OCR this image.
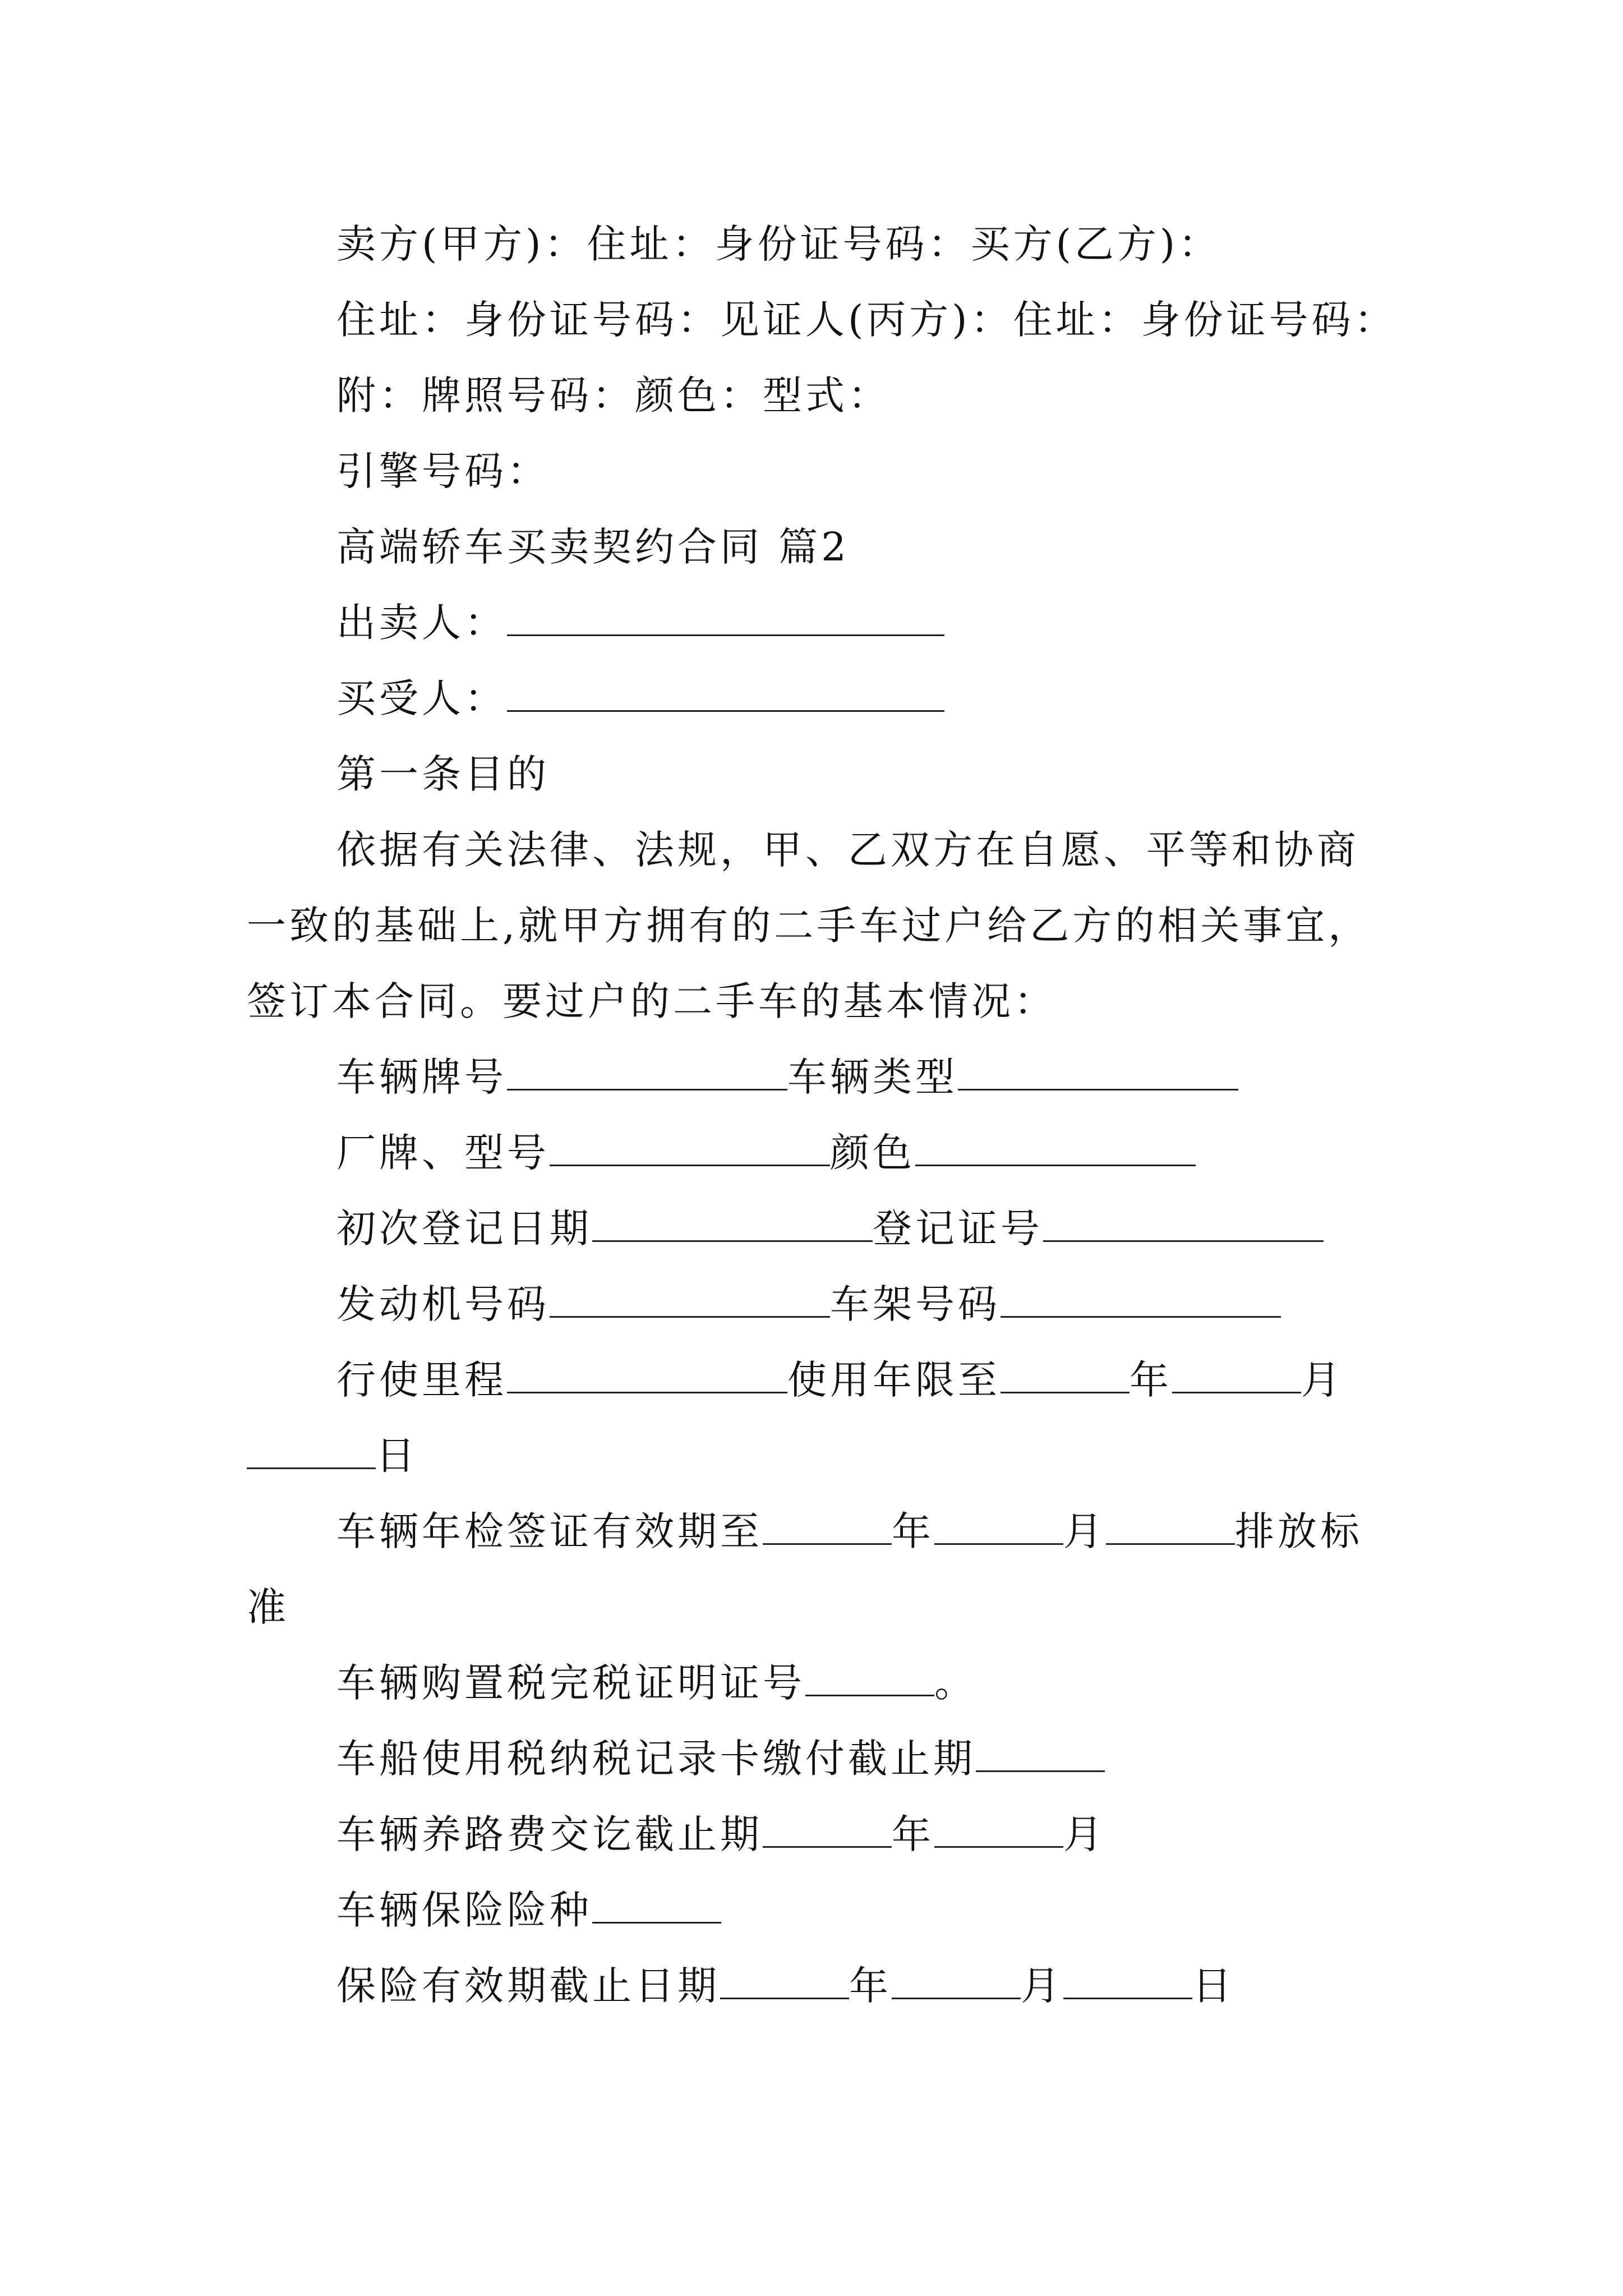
卖方(甲方)：住址：身份证号码：买方(乙方)：
住址：身份证号码：见证人(丙方)：住址：身份证号码：
附：牌照号码：颜色：型式：
引擎号码：
高端轿车买卖契约合同 篇2
出卖人：
买受人：
第一条目的
依据有关法律、法规，甲、乙双方在自愿、平等和协商
一致的基础上,就甲方拥有的二手车过户给乙方的相关事宜，
签订本合同。要过户的二手车的基本情况：
车辆牌号	车辆类型
厂牌、型号	颜色
初次登记日期	登记证号
发动机号码	车架号码
行使里程	使用年限至	年	月
日
车辆年检签证有效期至	年	月	排放标
准
车辆购置税完税证明证号	。
车船使用税纳税记录卡缴付截止期
车辆养路费交讫截止期	年	月
车辆保险险种
保险有效期截止日期	年	月	日
